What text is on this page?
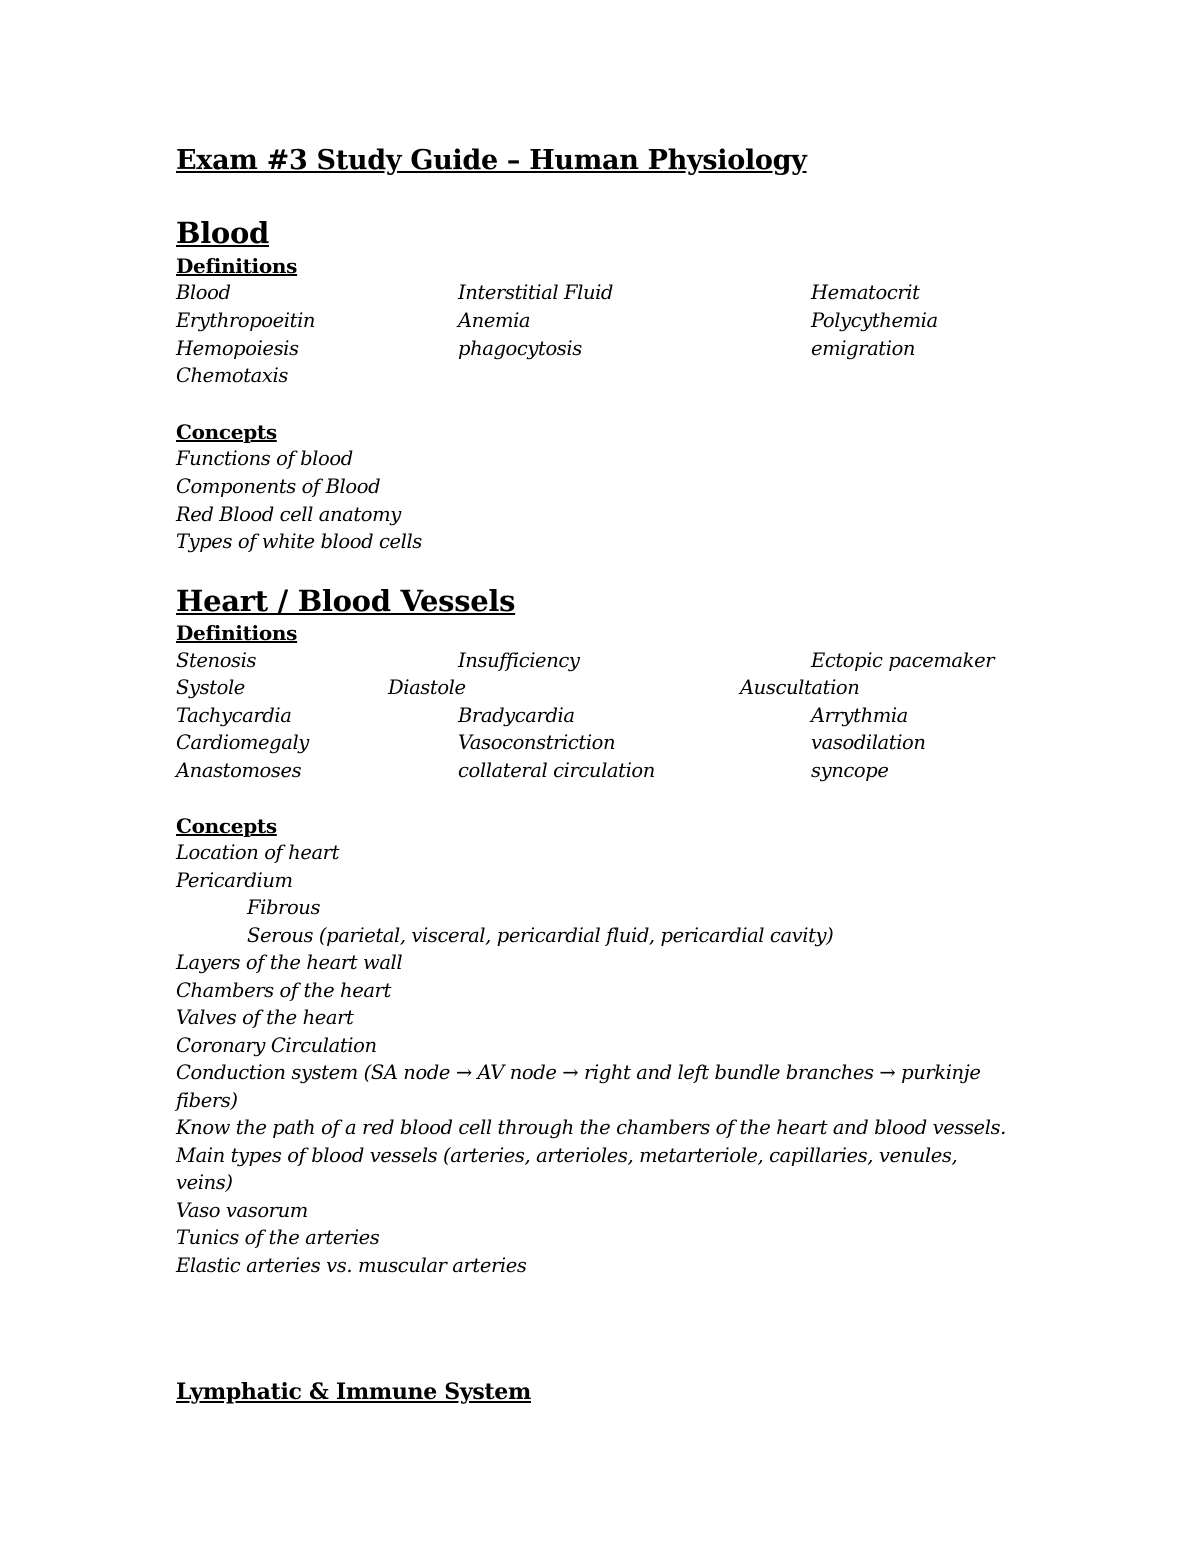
Exam #3 Study Guide – Human Physiology
Blood
Definitions
Blood	Interstitial Fluid	Hematocrit
Erythropoeitin	Anemia	Polycythemia
Hemopoiesis	phagocytosis	emigration
Chemotaxis
Concepts
Functions of blood
Components of Blood
Red Blood cell anatomy
Types of white blood cells
Heart / Blood Vessels
Definitions
Stenosis	Insufficiency	Ectopic pacemaker
Systole	Diastole	Auscultation
Tachycardia	Bradycardia	Arrythmia
Cardiomegaly	Vasoconstriction	vasodilation
Anastomoses	collateral circulation	syncope
Concepts
Location of heart
Pericardium
Fibrous
Serous (parietal, visceral, pericardial fluid, pericardial cavity)
Layers of the heart wall
Chambers of the heart
Valves of the heart
Coronary Circulation
Conduction system (SA node → AV node → right and left bundle branches → purkinje
fibers)
Know the path of a red blood cell through the chambers of the heart and blood vessels.
Main types of blood vessels (arteries, arterioles, metarteriole, capillaries, venules,
veins)
Vaso vasorum
Tunics of the arteries
Elastic arteries vs. muscular arteries
Lymphatic & Immune System
